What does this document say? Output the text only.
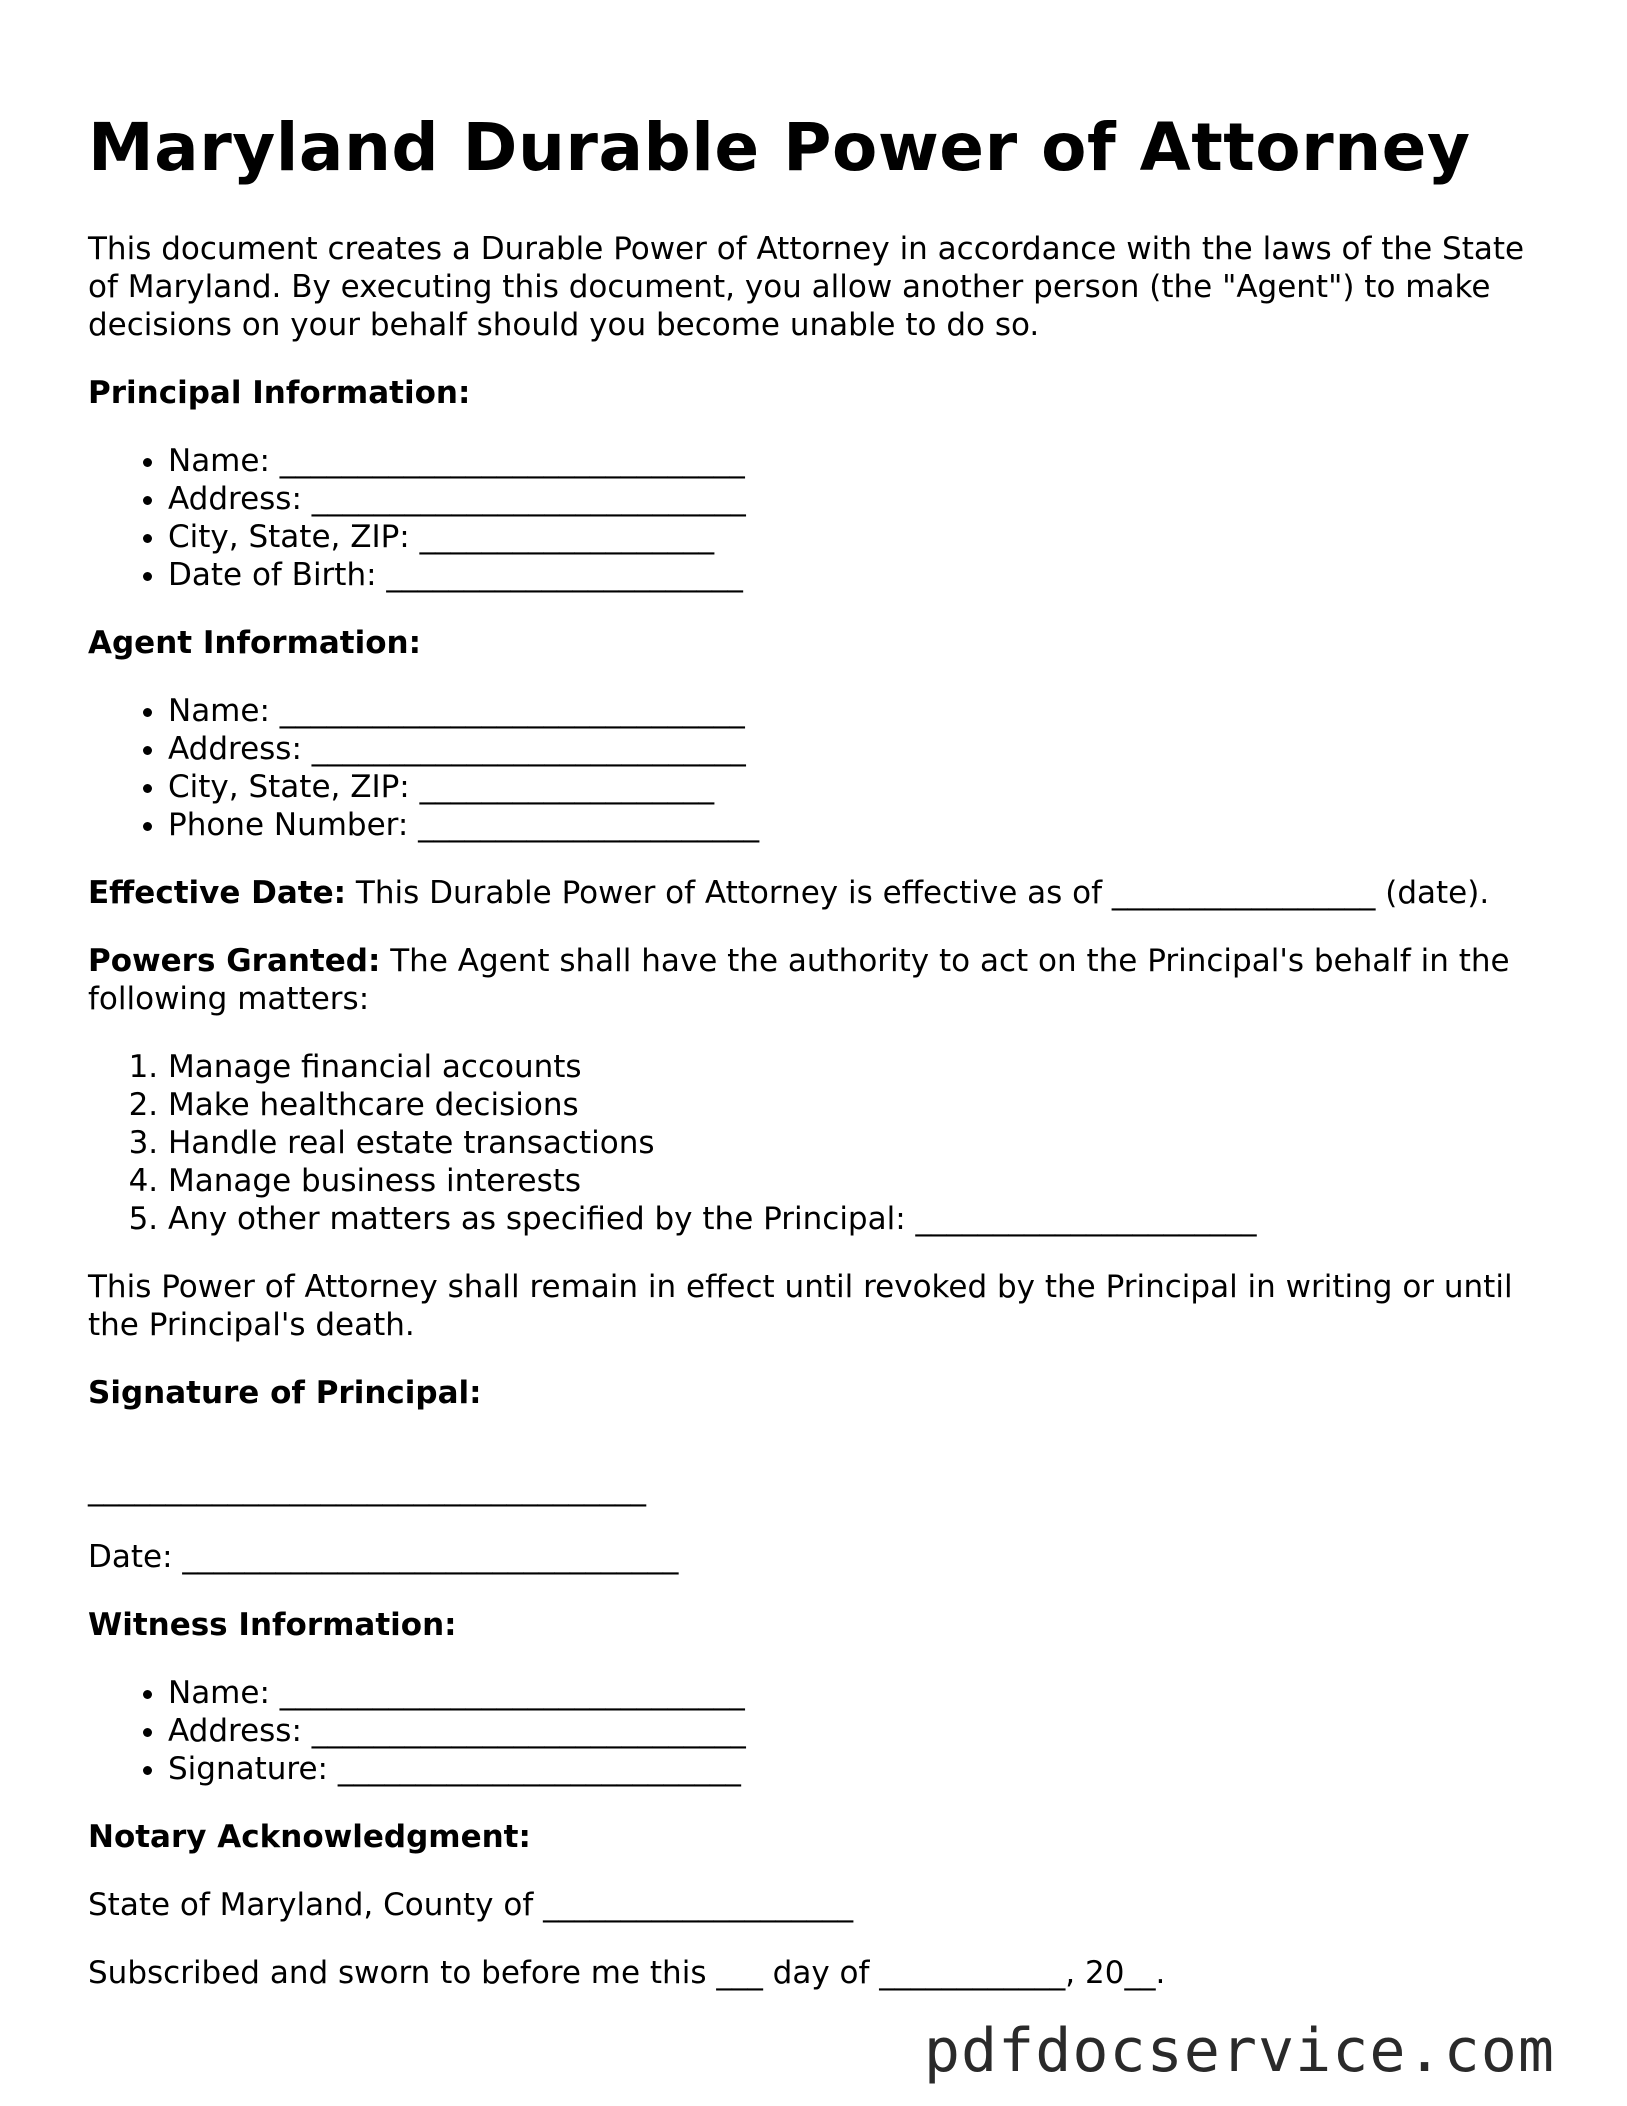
Maryland Durable Power of Attorney

This document creates a Durable Power of Attorney in accordance with the laws of the State of Maryland. By executing this document, you allow another person (the "Agent") to make decisions on your behalf should you become unable to do so.

Principal Information:

• Name: ______________________________
• Address: ____________________________
• City, State, ZIP: ___________________
• Date of Birth: _______________________

Agent Information:

• Name: ______________________________
• Address: ____________________________
• City, State, ZIP: ___________________
• Phone Number: ______________________

Effective Date: This Durable Power of Attorney is effective as of _________________ (date).

Powers Granted: The Agent shall have the authority to act on the Principal's behalf in the following matters:

1. Manage financial accounts
2. Make healthcare decisions
3. Handle real estate transactions
4. Manage business interests
5. Any other matters as specified by the Principal: ______________________

This Power of Attorney shall remain in effect until revoked by the Principal in writing or until the Principal's death.

Signature of Principal:

____________________________________

Date: ________________________________

Witness Information:

• Name: ______________________________
• Address: ____________________________
• Signature: __________________________

Notary Acknowledgment:

State of Maryland, County of ____________________

Subscribed and sworn to before me this ___ day of ____________, 20__.

pdfdocservice.com
